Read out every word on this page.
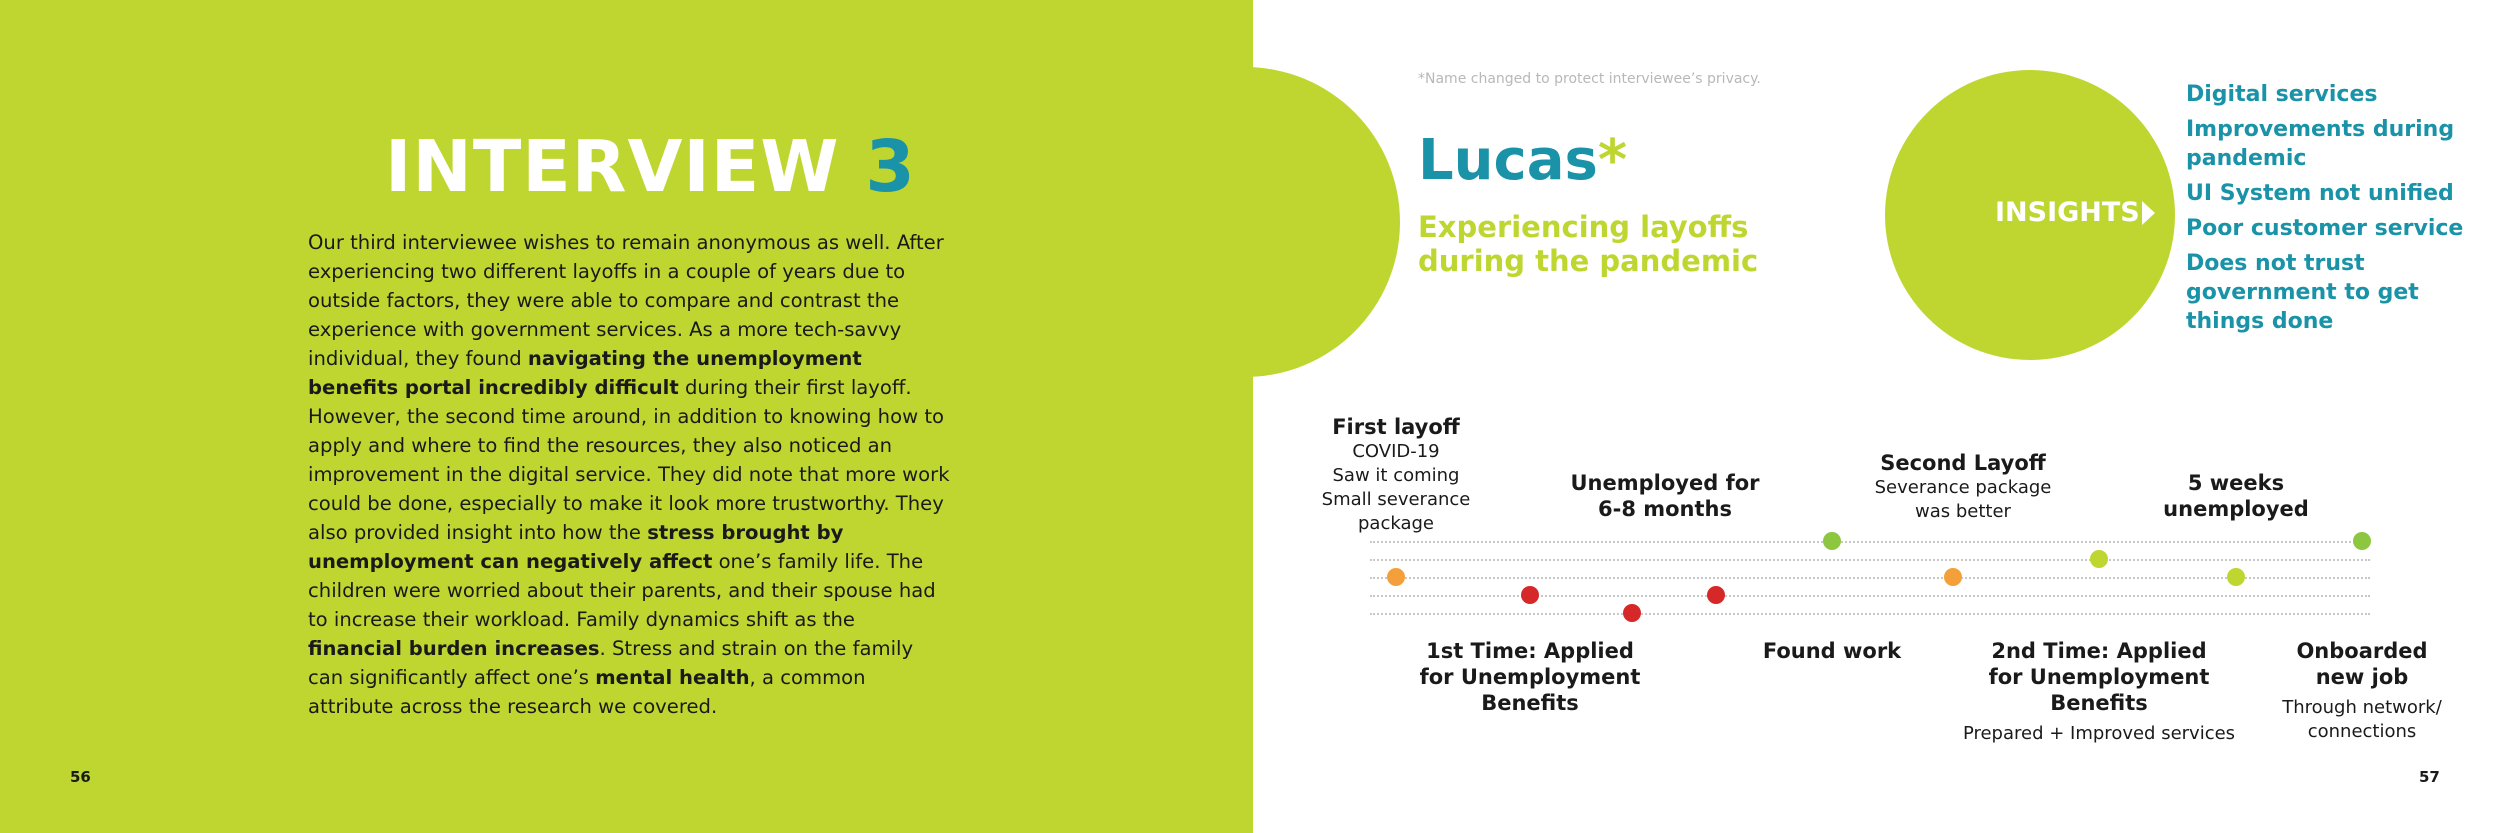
INTERVIEW 3

Our third interviewee wishes to remain anonymous as well. After experiencing two different layoffs in a couple of years due to outside factors, they were able to compare and contrast the experience with government services. As a more tech-savvy individual, they found navigating the unemployment benefits portal incredibly difficult during their first layoff. However, the second time around, in addition to knowing how to apply and where to find the resources, they also noticed an improvement in the digital service. They did note that more work could be done, especially to make it look more trustworthy. They also provided insight into how the stress brought by unemployment can negatively affect one’s family life. The children were worried about their parents, and their spouse had to increase their workload. Family dynamics shift as the financial burden increases. Stress and strain on the family can significantly affect one’s mental health, a common attribute across the research we covered.

56
*Name changed to protect interviewee’s privacy.
Lucas*

Experiencing layoffs during the pandemic

INSIGHTS
Digital services
Improvements during pandemic
UI System not unified
Poor customer service
Does not trust government to get things done
First layoff
COVID-19
Saw it coming
Small severance
package
1st Time: Applied
for Unemployment
Benefits
Unemployed for
6-8 months
Found work
Second Layoff
Severance package
was better
2nd Time: Applied
for Unemployment
Benefits
Prepared + Improved services
5 weeks
unemployed
Onboarded
new job
Through network/
connections
57
